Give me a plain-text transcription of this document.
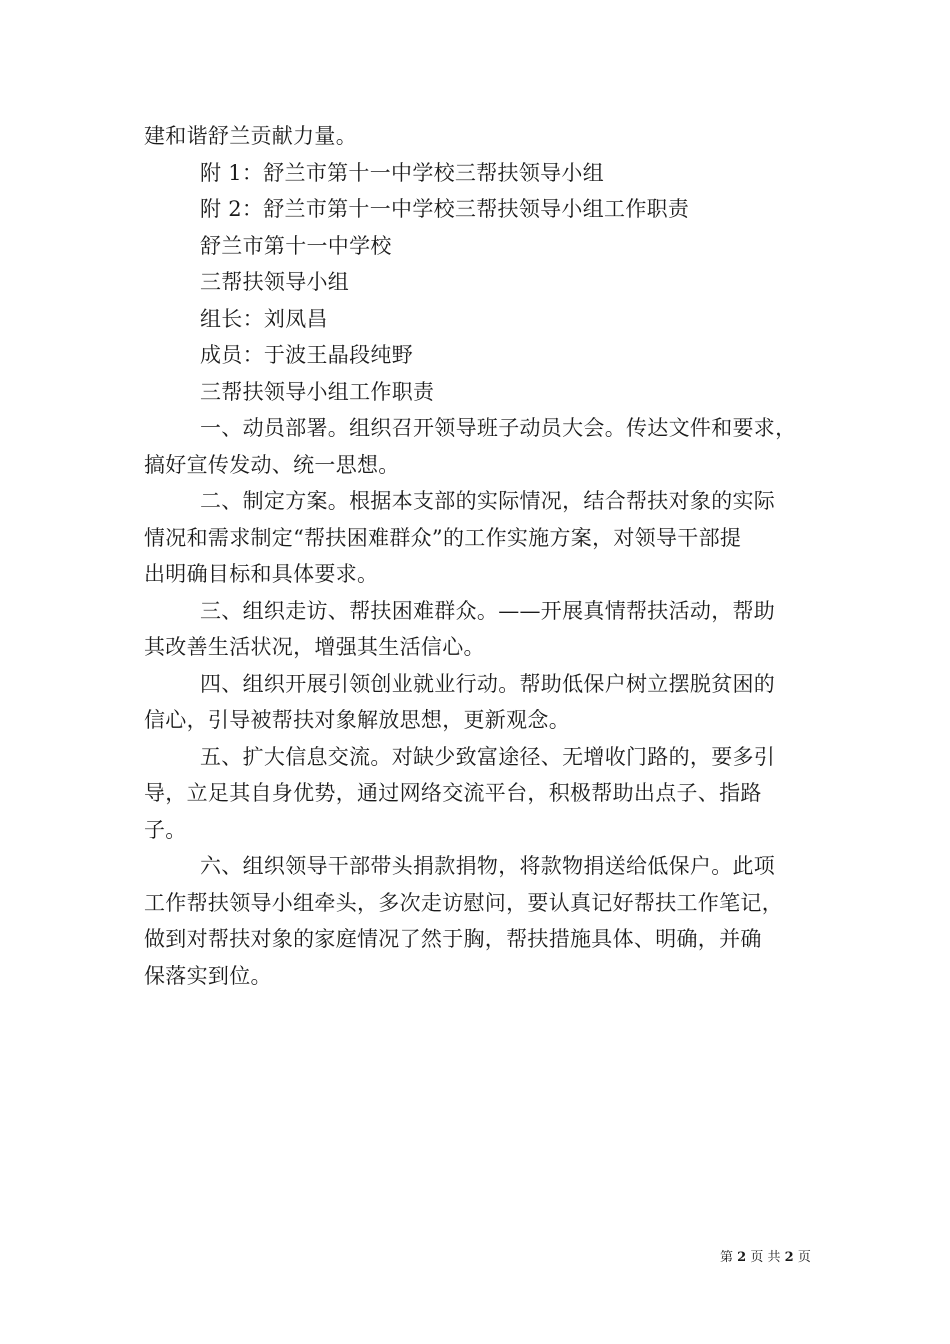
建和谐舒兰贡献力量。
附 1：舒兰市第十一中学校三帮扶领导小组
附 2：舒兰市第十一中学校三帮扶领导小组工作职责
舒兰市第十一中学校
三帮扶领导小组
组长：刘凤昌
成员：于波王晶段纯野
三帮扶领导小组工作职责
一、动员部署。组织召开领导班子动员大会。传达文件和要求，
搞好宣传发动、统一思想。
二、制定方案。根据本支部的实际情况，结合帮扶对象的实际
情况和需求制定“帮扶困难群众”的工作实施方案，对领导干部提
出明确目标和具体要求。
三、组织走访、帮扶困难群众。——开展真情帮扶活动，帮助
其改善生活状况，增强其生活信心。
四、组织开展引领创业就业行动。帮助低保户树立摆脱贫困的
信心，引导被帮扶对象解放思想，更新观念。
五、扩大信息交流。对缺少致富途径、无增收门路的，要多引
导，立足其自身优势，通过网络交流平台，积极帮助出点子、指路
子。
六、组织领导干部带头捐款捐物，将款物捐送给低保户。此项
工作帮扶领导小组牵头，多次走访慰问，要认真记好帮扶工作笔记，
做到对帮扶对象的家庭情况了然于胸，帮扶措施具体、明确，并确
保落实到位。
第 2 页 共 2 页
